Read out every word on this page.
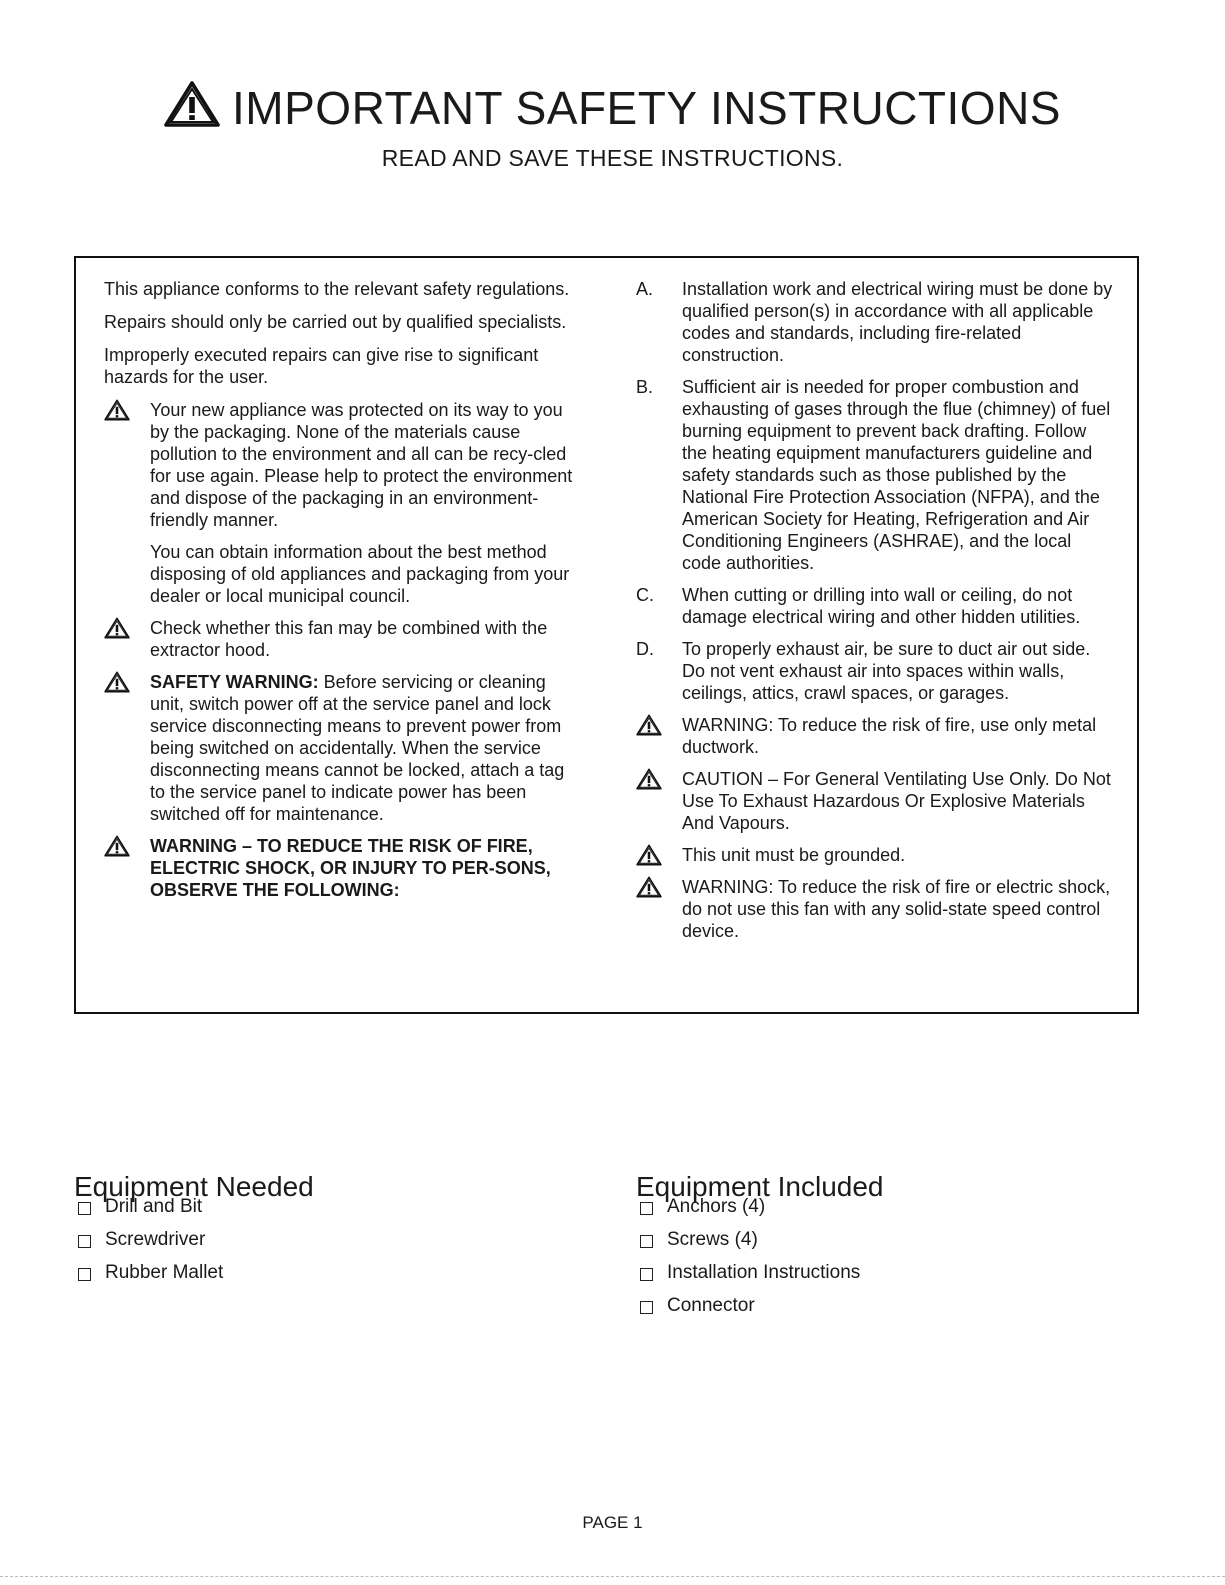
IMPORTANT SAFETY INSTRUCTIONS
READ AND SAVE THESE INSTRUCTIONS.

This appliance conforms to the relevant safety regulations.

Repairs should only be carried out by qualified specialists.

Improperly executed repairs can give rise to significant hazards for the user.

Your new appliance was protected on its way to you by the packaging. None of the materials cause pollution to the environment and all can be recy-cled for use again. Please help to protect the environment and dispose of the packaging in an environment-friendly manner.

You can obtain information about the best method disposing of old appliances and packaging from your dealer or local municipal council.

Check whether this fan may be combined with the extractor hood.
SAFETY WARNING: Before servicing or cleaning unit, switch power off at the service panel and lock service disconnecting means to prevent power from being switched on accidentally. When the service disconnecting means cannot be locked, attach a tag to the service panel to indicate power has been switched off for maintenance.
WARNING – TO REDUCE THE RISK OF FIRE, ELECTRIC SHOCK, OR INJURY TO PER-SONS, OBSERVE THE FOLLOWING:
A. Installation work and electrical wiring must be done by qualified person(s) in accordance with all applicable codes and standards, including fire-related construction.
B. Sufficient air is needed for proper combustion and exhausting of gases through the flue (chimney) of fuel burning equipment to prevent back drafting. Follow the heating equipment manufacturers guideline and safety standards such as those published by the National Fire Protection Association (NFPA), and the American Society for Heating, Refrigeration and Air Conditioning Engineers (ASHRAE), and the local code authorities.
C. When cutting or drilling into wall or ceiling, do not damage electrical wiring and other hidden utilities.
D. To properly exhaust air, be sure to duct air out side. Do not vent exhaust air into spaces within walls, ceilings, attics, crawl spaces, or garages.
WARNING: To reduce the risk of fire, use only metal ductwork.
CAUTION – For General Ventilating Use Only. Do Not Use To Exhaust Hazardous Or Explosive Materials And Vapours.
This unit must be grounded.
WARNING: To reduce the risk of fire or electric shock, do not use this fan with any solid-state speed control device.
Equipment Needed
Drill and Bit
Screwdriver
Rubber Mallet
Equipment Included
Anchors (4)
Screws (4)
Installation Instructions
Connector
PAGE 1
